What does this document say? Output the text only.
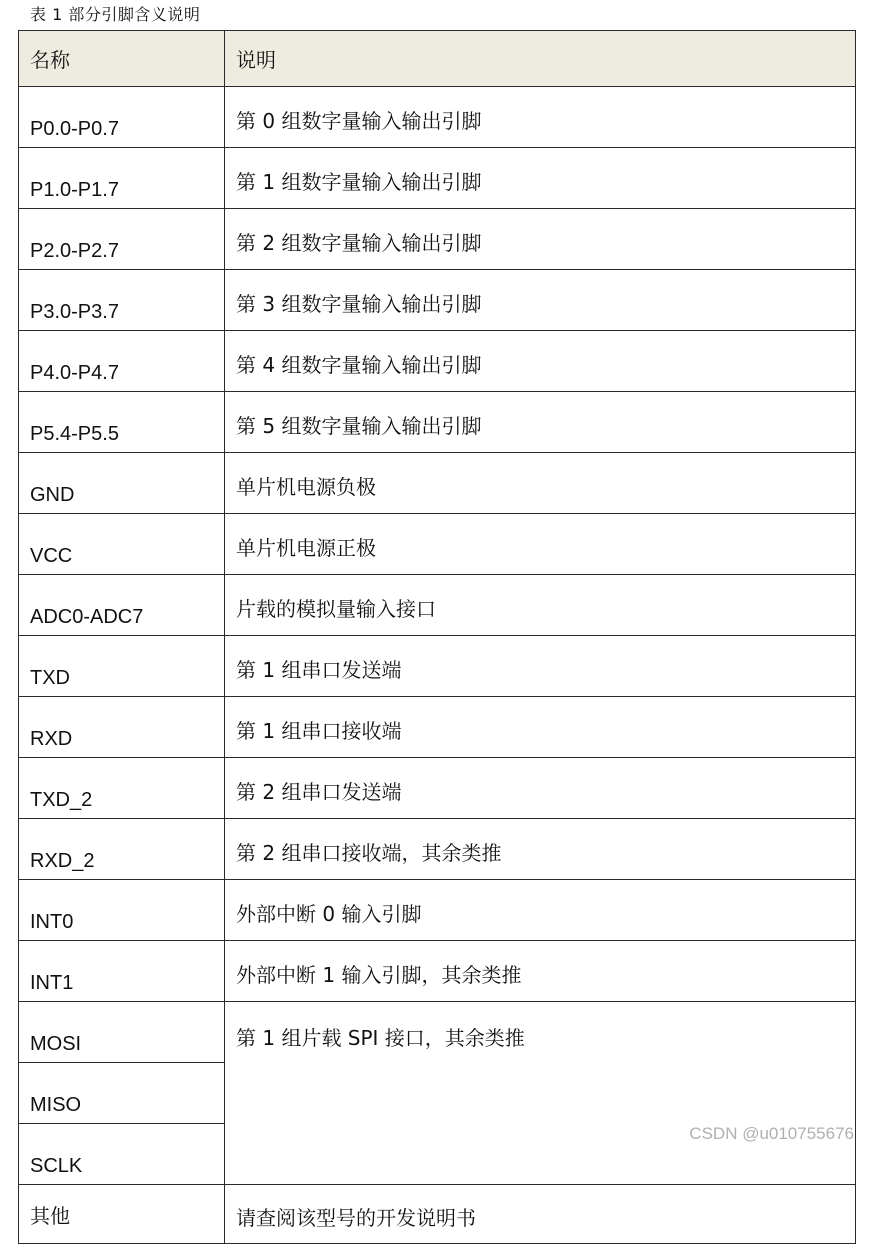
表 1 部分引脚含义说明
名称	说明
P0.0-P0.7	第 0 组数字量输入输出引脚
P1.0-P1.7	第 1 组数字量输入输出引脚
P2.0-P2.7	第 2 组数字量输入输出引脚
P3.0-P3.7	第 3 组数字量输入输出引脚
P4.0-P4.7	第 4 组数字量输入输出引脚
P5.4-P5.5	第 5 组数字量输入输出引脚
GND	单片机电源负极
VCC	单片机电源正极
ADC0-ADC7	片载的模拟量输入接口
TXD	第 1 组串口发送端
RXD	第 1 组串口接收端
TXD_2	第 2 组串口发送端
RXD_2	第 2 组串口接收端，其余类推
INT0	外部中断 0 输入引脚
INT1	外部中断 1 输入引脚，其余类推
MOSI	第 1 组片载 SPI 接口，其余类推
MISO	
SCLK	
其他	请查阅该型号的开发说明书
CSDN @u010755676
